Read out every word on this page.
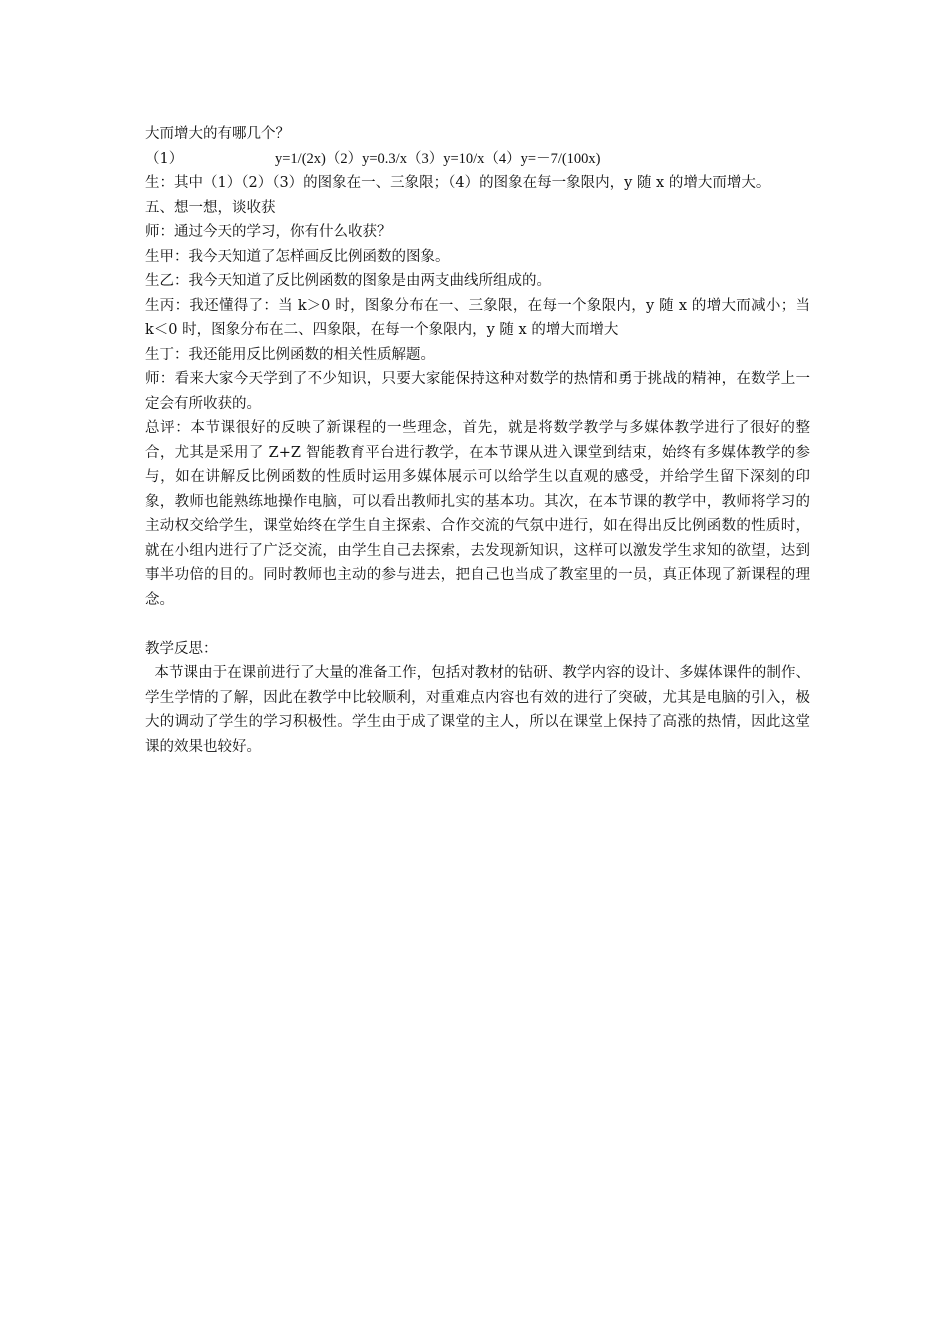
大而增大的有哪几个？
（1）	y=1/(2x)（2）y=0.3/x（3）y=10/x（4）y=－7/(100x)
生：其中（1）（2）（3）的图象在一、三象限；（4）的图象在每一象限内，y 随 x 的增大而增大。
五、想一想，谈收获
师：通过今天的学习，你有什么收获？
生甲：我今天知道了怎样画反比例函数的图象。
生乙：我今天知道了反比例函数的图象是由两支曲线所组成的。
生丙：我还懂得了：当 k＞0 时，图象分布在一、三象限，在每一个象限内，y 随 x 的增大而减小；当 k＜0 时，图象分布在二、四象限，在每一个象限内，y 随 x 的增大而增大
生丁：我还能用反比例函数的相关性质解题。
师：看来大家今天学到了不少知识，只要大家能保持这种对数学的热情和勇于挑战的精神，在数学上一定会有所收获的。
总评：本节课很好的反映了新课程的一些理念，首先，就是将数学教学与多媒体教学进行了很好的整合，尤其是采用了 Z+Z 智能教育平台进行教学，在本节课从进入课堂到结束，始终有多媒体教学的参与，如在讲解反比例函数的性质时运用多媒体展示可以给学生以直观的感受，并给学生留下深刻的印象，教师也能熟练地操作电脑，可以看出教师扎实的基本功。其次，在本节课的教学中，教师将学习的主动权交给学生，课堂始终在学生自主探索、合作交流的气氛中进行，如在得出反比例函数的性质时，就在小组内进行了广泛交流，由学生自己去探索，去发现新知识，这样可以激发学生求知的欲望，达到事半功倍的目的。同时教师也主动的参与进去，把自己也当成了教室里的一员，真正体现了新课程的理念。
教学反思：
本节课由于在课前进行了大量的准备工作，包括对教材的钻研、教学内容的设计、多媒体课件的制作、学生学情的了解，因此在教学中比较顺利，对重难点内容也有效的进行了突破，尤其是电脑的引入，极大的调动了学生的学习积极性。学生由于成了课堂的主人，所以在课堂上保持了高涨的热情，因此这堂课的效果也较好。
